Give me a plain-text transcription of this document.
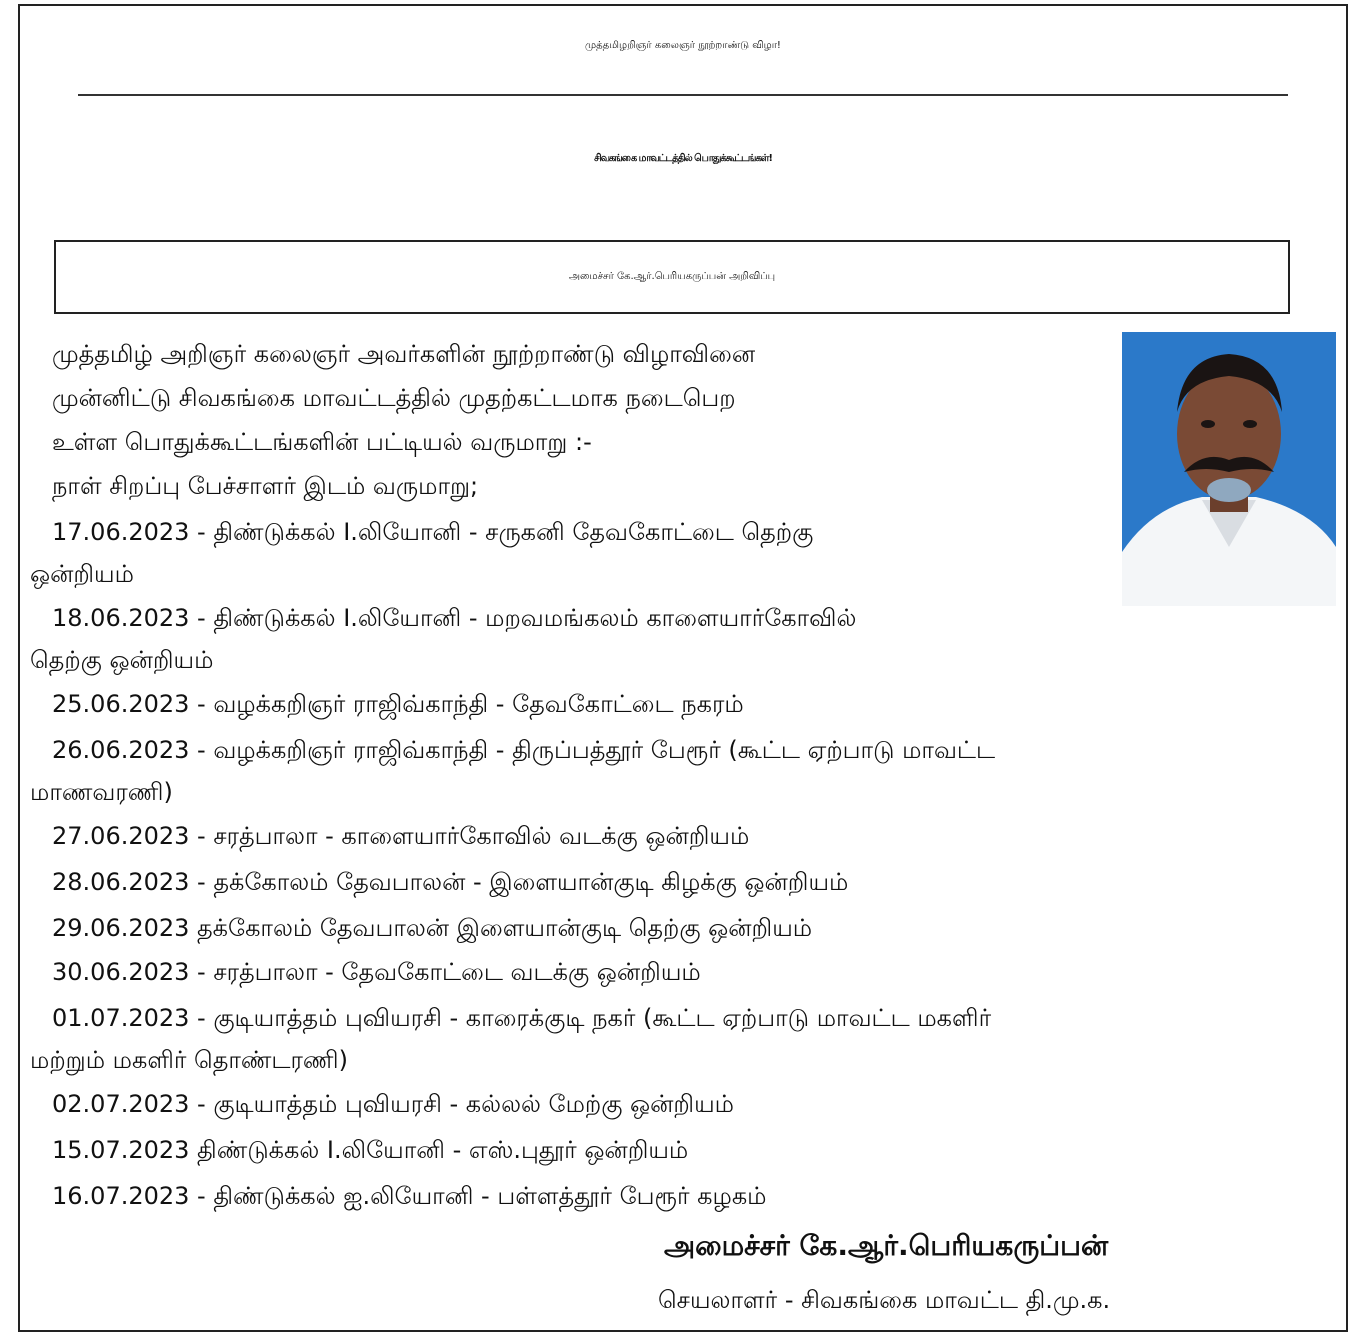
முத்தமிழறிஞர் கலைஞர் நூற்றாண்டு விழா!
சிவகங்கை மாவட்டத்தில் பொதுக்கூட்டங்கள்!
அமைச்சர் கே.ஆர்.பெரியகருப்பன் அறிவிப்பு
முத்தமிழ் அறிஞர் கலைஞர் அவர்களின் நூற்றாண்டு விழாவினை
முன்னிட்டு சிவகங்கை மாவட்டத்தில் முதற்கட்டமாக நடைபெற
உள்ள பொதுக்கூட்டங்களின் பட்டியல் வருமாறு :-
நாள் சிறப்பு பேச்சாளர் இடம் வருமாறு;
17.06.2023 - திண்டுக்கல் I.லியோனி - சருகனி தேவகோட்டை தெற்கு
ஒன்றியம்
18.06.2023 - திண்டுக்கல் I.லியோனி - மறவமங்கலம் காளையார்கோவில்
தெற்கு ஒன்றியம்
25.06.2023 - வழக்கறிஞர் ராஜிவ்காந்தி - தேவகோட்டை நகரம்
26.06.2023 - வழக்கறிஞர் ராஜிவ்காந்தி - திருப்பத்தூர் பேரூர் (கூட்ட ஏற்பாடு மாவட்ட
மாணவரணி)
27.06.2023 - சரத்பாலா - காளையார்கோவில் வடக்கு ஒன்றியம்
28.06.2023 - தக்கோலம் தேவபாலன் - இளையான்குடி கிழக்கு ஒன்றியம்
29.06.2023 தக்கோலம் தேவபாலன் இளையான்குடி தெற்கு ஒன்றியம்
30.06.2023 - சரத்பாலா - தேவகோட்டை வடக்கு ஒன்றியம்
01.07.2023 - குடியாத்தம் புவியரசி - காரைக்குடி நகர் (கூட்ட ஏற்பாடு மாவட்ட மகளிர்
மற்றும் மகளிர் தொண்டரணி)
02.07.2023 - குடியாத்தம் புவியரசி - கல்லல் மேற்கு ஒன்றியம்
15.07.2023 திண்டுக்கல் I.லியோனி - எஸ்.புதூர் ஒன்றியம்
16.07.2023 - திண்டுக்கல் ஐ.லியோனி - பள்ளத்தூர் பேரூர் கழகம்
அமைச்சர் கே.ஆர்.பெரியகருப்பன்
செயலாளர் - சிவகங்கை மாவட்ட தி.மு.க.
